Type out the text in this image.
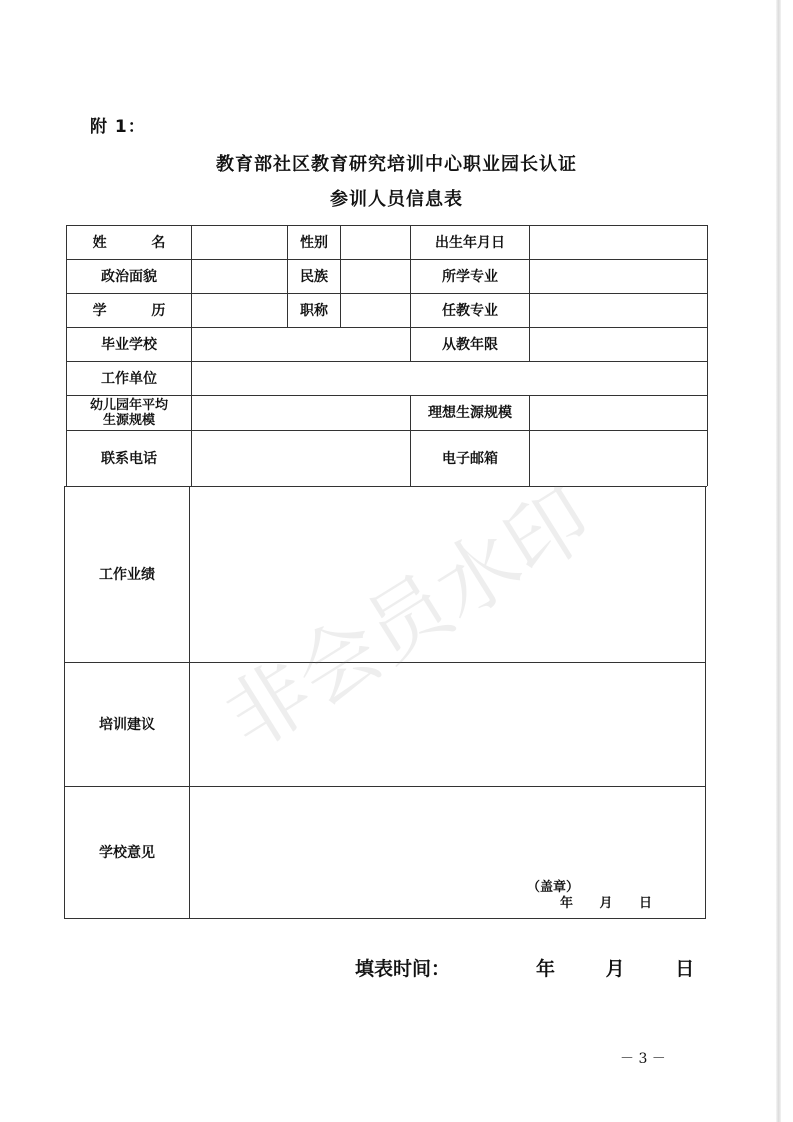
附 1：
教育部社区教育研究培训中心职业园长认证
参训人员信息表
姓 名	性别	出生年月日
政治面貌	民族	所学专业
学 历	职称	任教专业
毕业学校	从教年限
工作单位
幼儿园年平均
生源规模	理想生源规模
联系电话	电子邮箱
工作业绩
培训建议
学校意见
（盖章）
年 月 日
填表时间：	年 月 日
－ 3 －
非会员水印
